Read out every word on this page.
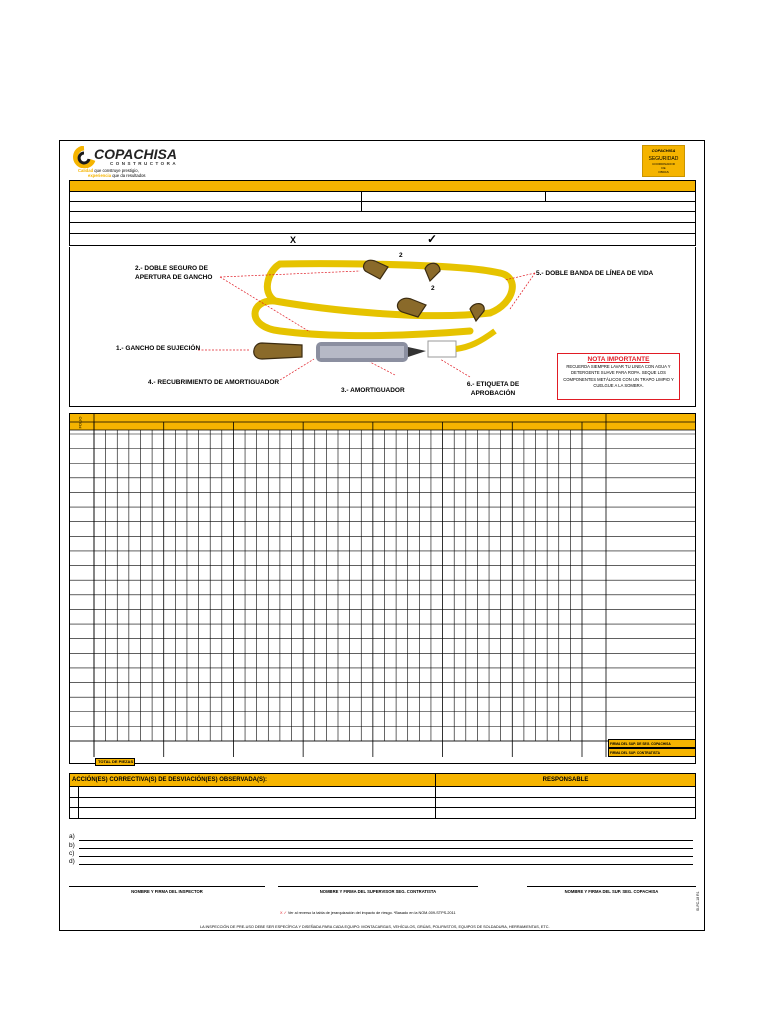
COPACHISA
CONSTRUCTORA
Calidad que construye prestigio,
experiencia que da resultados
COPACHISA
SEGURIDAD
COORDINADOR
DE
OBRAS
X	✓
2.- DOBLE SEGURO DE APERTURA DE GANCHO
1.- GANCHO DE SUJECIÓN
4.- RECUBRIMIENTO DE AMORTIGUADOR
3.- AMORTIGUADOR
6.- ETIQUETA DE APROBACIÓN
5.- DOBLE BANDA DE LÍNEA DE VIDA
2
2
NOTA IMPORTANTE
RECUERDA SIEMPRE LAVAR TU LINEA CON AGUA Y DETERGENTE SUAVE PARA ROPA. SEQUE LOS COMPONENTES METÁLICOS CON UN TRAPO LIMPIO Y CUELGUE A LA SOMBRA.
FOLIO
TOTAL DE PIEZAS
FIRMA DEL SUP. DE SEG. COPACHISA
FIRMA DEL SUP. CONTRATISTA
ACCIÓN(ES) CORRECTIVA(S) DE DESVIACIÓN(ES) OBSERVADA(S):	RESPONSABLE
a)
b)
c)
d)
NOMBRE Y FIRMA DEL INSPECTOR	NOMBRE Y FIRMA DEL SUPERVISOR SEG. CONTRATISTA	NOMBRE Y FIRMA DEL SUP. SEG. COPACHISA
X ✓ Ver al reverso la tabla de jerarquización del impacto de riesgo. *Basado en la NOM-009-STPS-2011
LA INSPECCIÓN DE PRE-USO DEBE SER ESPECÍFICA Y DISEÑADA PARA CADA EQUIPO: MONTACARGAS, VEHÍCULOS, GRÚAS, POLIPASTOS, EQUIPOS DE SOLDADURA, HERRAMIENTAS, ETC.
SI-FC-18 R1
